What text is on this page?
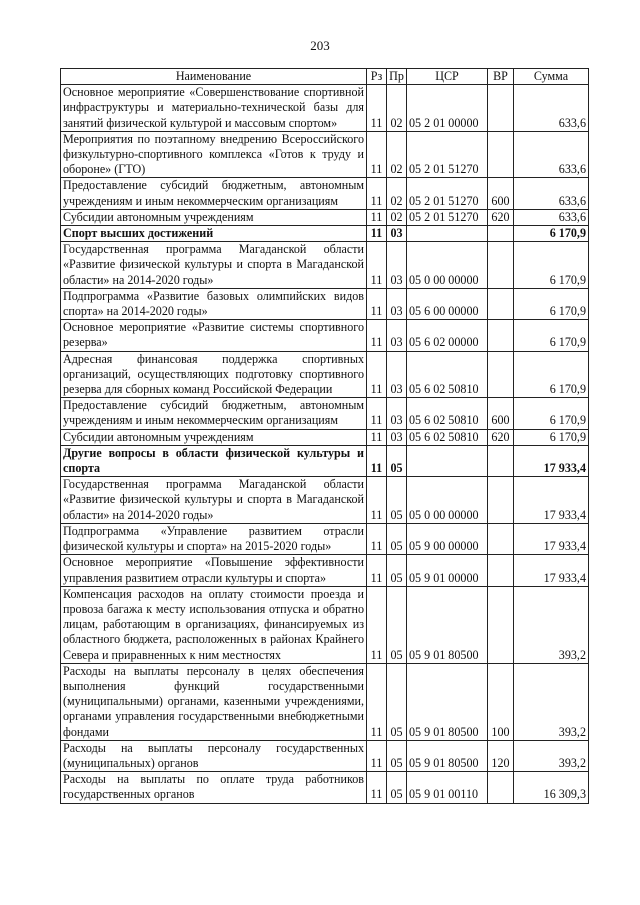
203
Наименование	Рз	Пр	ЦСР	ВР	Сумма
Основное мероприятие «Совершенствование спортивной инфраструктуры и материально-технической базы для занятий физической культурой и массовым спортом»	11	02	05 2 01 00000		633,6
Мероприятия по поэтапному внедрению Всероссийского физкультурно-спортивного комплекса «Готов к труду и обороне» (ГТО)	11	02	05 2 01 51270		633,6
Предоставление субсидий бюджетным, автономным учреждениям и иным некоммерческим организациям	11	02	05 2 01 51270	600	633,6
Субсидии автономным учреждениям	11	02	05 2 01 51270	620	633,6
Спорт высших достижений	11	03			6 170,9
Государственная программа Магаданской области «Развитие физической культуры и спорта в Магаданской области» на 2014-2020 годы»	11	03	05 0 00 00000		6 170,9
Подпрограмма «Развитие базовых олимпийских видов спорта» на 2014-2020 годы»	11	03	05 6 00 00000		6 170,9
Основное мероприятие «Развитие системы спортивного резерва»	11	03	05 6 02 00000		6 170,9
Адресная финансовая поддержка спортивных организаций, осуществляющих подготовку спортивного резерва для сборных команд Российской Федерации	11	03	05 6 02 50810		6 170,9
Предоставление субсидий бюджетным, автономным учреждениям и иным некоммерческим организациям	11	03	05 6 02 50810	600	6 170,9
Субсидии автономным учреждениям	11	03	05 6 02 50810	620	6 170,9
Другие вопросы в области физической культуры и спорта	11	05			17 933,4
Государственная программа Магаданской области «Развитие физической культуры и спорта в Магаданской области» на 2014-2020 годы»	11	05	05 0 00 00000		17 933,4
Подпрограмма «Управление развитием отрасли физической культуры и спорта» на 2015-2020 годы»	11	05	05 9 00 00000		17 933,4
Основное мероприятие «Повышение эффективности управления развитием отрасли культуры и спорта»	11	05	05 9 01 00000		17 933,4
Компенсация расходов на оплату стоимости проезда и провоза багажа к месту использования отпуска и обратно лицам, работающим в организациях, финансируемых из областного бюджета, расположенных в районах Крайнего Севера и приравненных к ним местностях	11	05	05 9 01 80500		393,2
Расходы на выплаты персоналу в целях обеспечения выполнения функций государственными (муниципальными) органами, казенными учреждениями, органами управления государственными внебюджетными фондами	11	05	05 9 01 80500	100	393,2
Расходы на выплаты персоналу государственных (муниципальных) органов	11	05	05 9 01 80500	120	393,2
Расходы на выплаты по оплате труда работников государственных органов	11	05	05 9 01 00110		16 309,3
